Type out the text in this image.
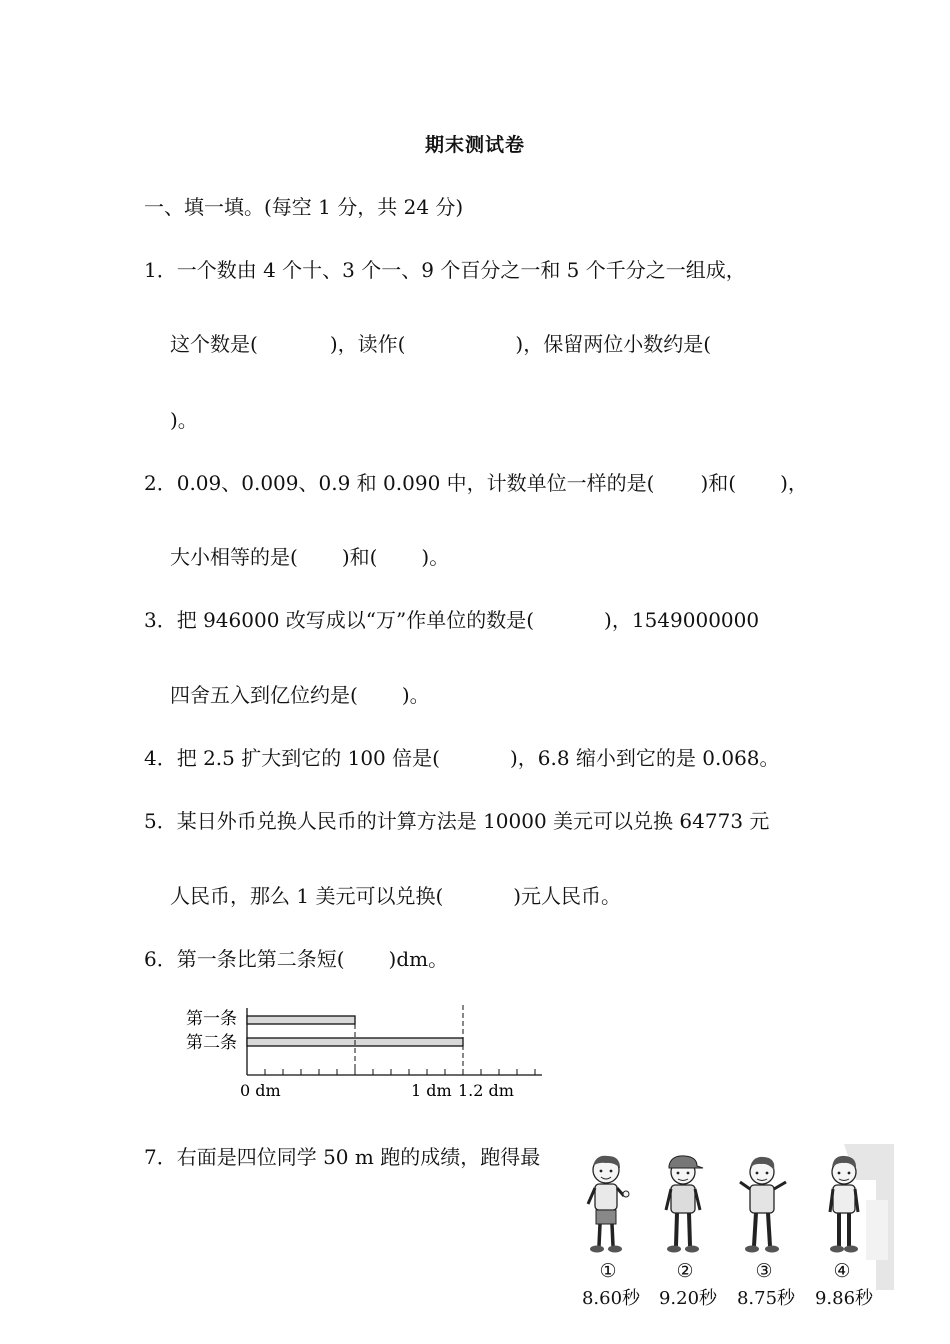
期末测试卷
一、填一填。(每空 1 分，共 24 分)
1．一个数由 4 个十、3 个一、9 个百分之一和 5 个千分之一组成，
这个数是(	)，读作(	)，保留两位小数约是(
)。
2．0.09、0.009、0.9 和 0.090 中，计数单位一样的是( )和( )，
大小相等的是( )和( )。
3．把 946000 改写成以“万”作单位的数是(	)，1549000000
四舍五入到亿位约是( )。
4．把 2.5 扩大到它的 100 倍是(	)，6.8 缩小到它的是 0.068。
5．某日外币兑换人民币的计算方法是 10000 美元可以兑换 64773 元
人民币，那么 1 美元可以兑换(	)元人民币。
6．第一条比第二条短( )dm。
第一条
第二条
0 dm	1 dm 1.2 dm
7．右面是四位同学 50 m 跑的成绩，跑得最
①	②	③	④
8.60秒	9.20秒	8.75秒	9.86秒
